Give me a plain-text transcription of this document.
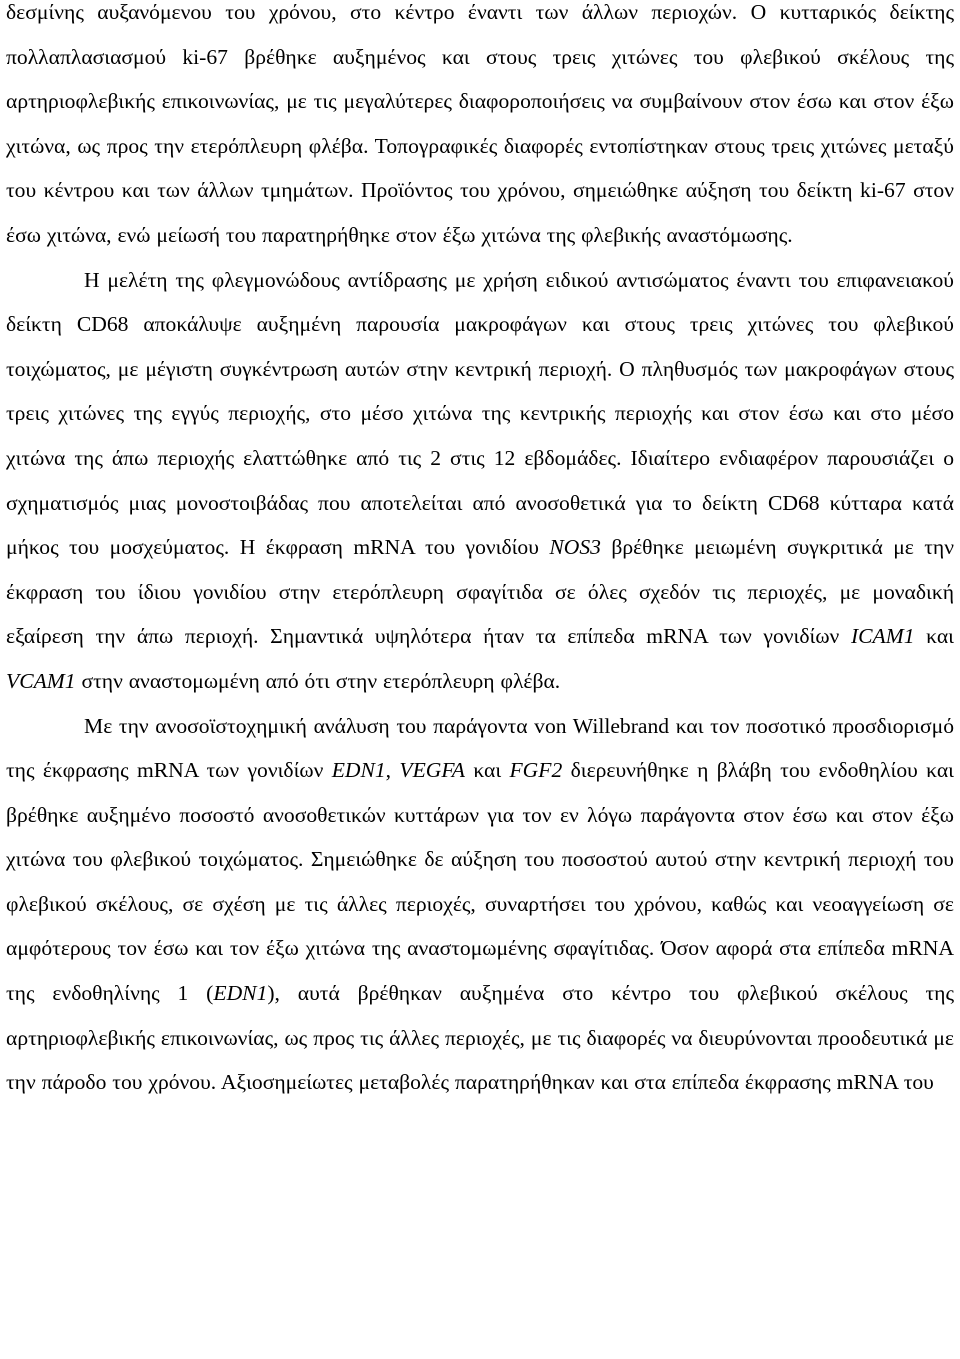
δεσμίνης αυξανόμενου του χρόνου, στο κέντρο έναντι των άλλων περιοχών. Ο κυτταρικός δείκτης πολλαπλασιασμού ki-67 βρέθηκε αυξημένος και στους τρεις χιτώνες του φλεβικού σκέλους της αρτηριοφλεβικής επικοινωνίας, με τις μεγαλύτερες διαφοροποιήσεις να συμβαίνουν στον έσω και στον έξω χιτώνα, ως προς την ετερόπλευρη φλέβα. Τοπογραφικές διαφορές εντοπίστηκαν στους τρεις χιτώνες μεταξύ του κέντρου και των άλλων τμημάτων. Προϊόντος του χρόνου, σημειώθηκε αύξηση του δείκτη ki-67 στον έσω χιτώνα, ενώ μείωσή του παρατηρήθηκε στον έξω χιτώνα της φλεβικής αναστόμωσης.

Η μελέτη της φλεγμονώδους αντίδρασης με χρήση ειδικού αντισώματος έναντι του επιφανειακού δείκτη CD68 αποκάλυψε αυξημένη παρουσία μακροφάγων και στους τρεις χιτώνες του φλεβικού τοιχώματος, με μέγιστη συγκέντρωση αυτών στην κεντρική περιοχή. Ο πληθυσμός των μακροφάγων στους τρεις χιτώνες της εγγύς περιοχής, στο μέσο χιτώνα της κεντρικής περιοχής και στον έσω και στο μέσο χιτώνα της άπω περιοχής ελαττώθηκε από τις 2 στις 12 εβδομάδες. Ιδιαίτερο ενδιαφέρον παρουσιάζει ο σχηματισμός μιας μονοστοιβάδας που αποτελείται από ανοσοθετικά για το δείκτη CD68 κύτταρα κατά μήκος του μοσχεύματος. Η έκφραση mRNA του γονιδίου NOS3 βρέθηκε μειωμένη συγκριτικά με την έκφραση του ίδιου γονιδίου στην ετερόπλευρη σφαγίτιδα σε όλες σχεδόν τις περιοχές, με μοναδική εξαίρεση την άπω περιοχή. Σημαντικά υψηλότερα ήταν τα επίπεδα mRNA των γονιδίων ICAM1 και VCAM1 στην αναστομωμένη από ότι στην ετερόπλευρη φλέβα.

Με την ανοσοϊστοχημική ανάλυση του παράγοντα von Willebrand και τον ποσοτικό προσδιορισμό της έκφρασης mRNA των γονιδίων EDN1, VEGFA και FGF2 διερευνήθηκε η βλάβη του ενδοθηλίου και βρέθηκε αυξημένο ποσοστό ανοσοθετικών κυττάρων για τον εν λόγω παράγοντα στον έσω και στον έξω χιτώνα του φλεβικού τοιχώματος. Σημειώθηκε δε αύξηση του ποσοστού αυτού στην κεντρική περιοχή του φλεβικού σκέλους, σε σχέση με τις άλλες περιοχές, συναρτήσει του χρόνου, καθώς και νεοαγγείωση σε αμφότερους τον έσω και τον έξω χιτώνα της αναστομωμένης σφαγίτιδας. Όσον αφορά στα επίπεδα mRNA της ενδοθηλίνης 1 (EDN1), αυτά βρέθηκαν αυξημένα στο κέντρο του φλεβικού σκέλους της αρτηριοφλεβικής επικοινωνίας, ως προς τις άλλες περιοχές, με τις διαφορές να διευρύνονται προοδευτικά με την πάροδο του χρόνου. Αξιοσημείωτες μεταβολές παρατηρήθηκαν και στα επίπεδα έκφρασης mRNA του
